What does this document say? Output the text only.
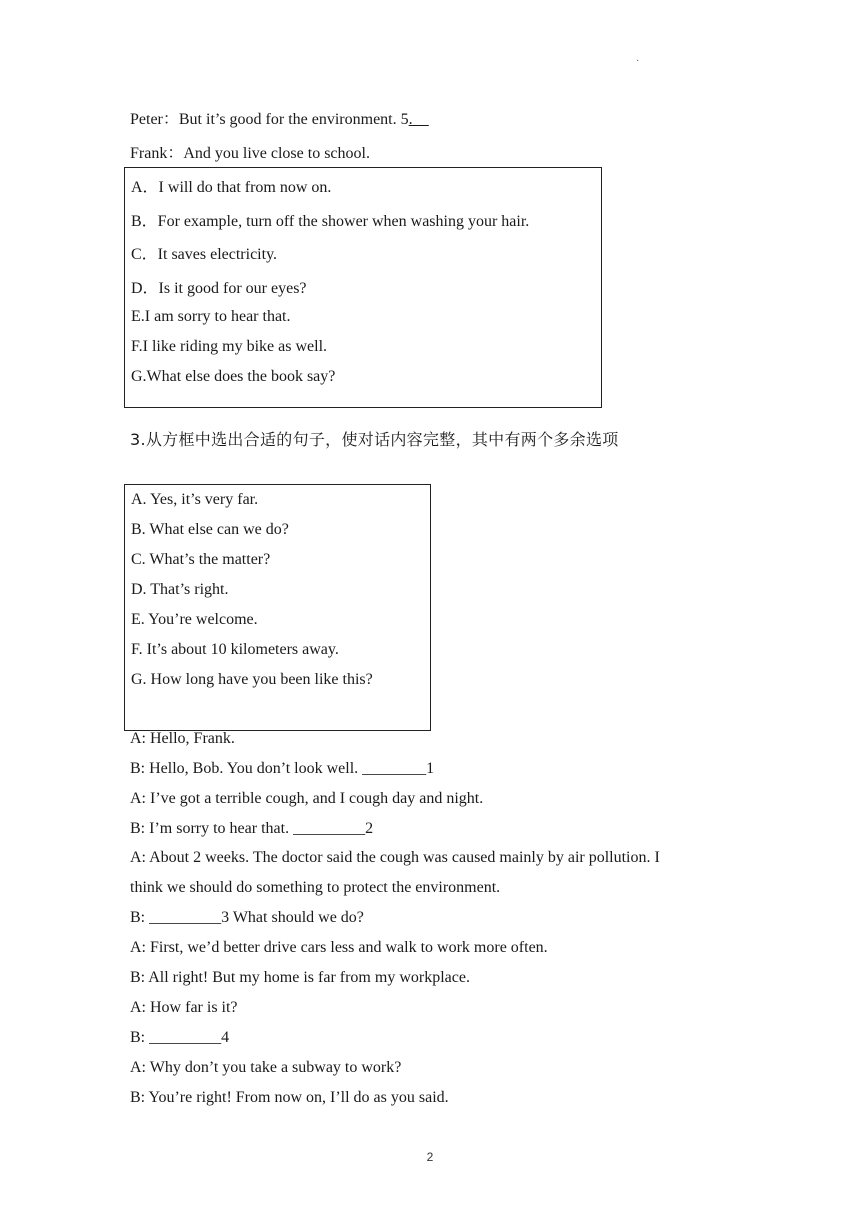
·
Peter：But it’s good for the environment. 5.__
Frank：And you live close to school.
A．I will do that from now on.
B．For example, turn off the shower when washing your hair.
C．It saves electricity.
D．Is it good for our eyes?
E.I am sorry to hear that.
F.I like riding my bike as well.
G.What else does the book say?
3.从方框中选出合适的句子，使对话内容完整，其中有两个多余选项
A. Yes, it’s very far.
B. What else can we do?
C. What’s the matter?
D. That’s right.
E. You’re welcome.
F. It’s about 10 kilometers away.
G. How long have you been like this?
A: Hello, Frank.
B: Hello, Bob. You don’t look well. ________1
A: I’ve got a terrible cough, and I cough day and night.
B: I’m sorry to hear that. _________2
A: About 2 weeks. The doctor said the cough was caused mainly by air pollution. I
think we should do something to protect the environment.
B: _________3 What should we do?
A: First, we’d better drive cars less and walk to work more often.
B: All right! But my home is far from my workplace.
A: How far is it?
B: _________4
A: Why don’t you take a subway to work?
B: You’re right! From now on, I’ll do as you said.
2
